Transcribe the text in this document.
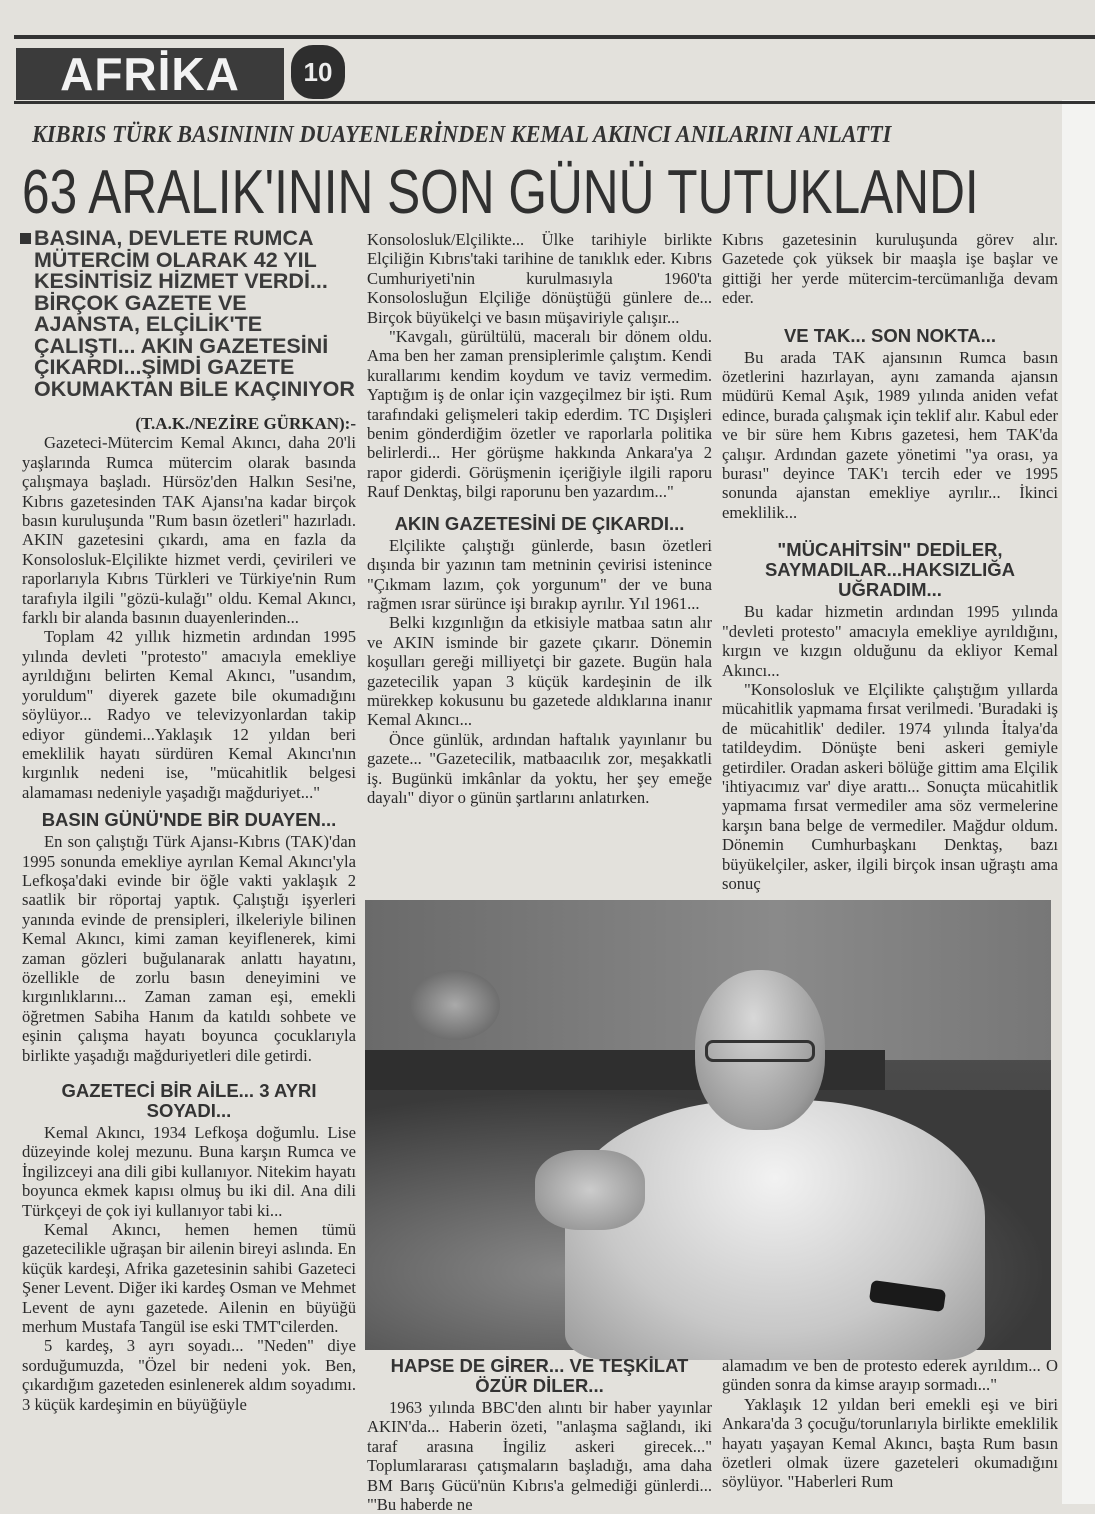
AFRİKA	10
KIBRIS TÜRK BASINININ DUAYENLERİNDEN KEMAL AKINCI ANILARINI ANLATTI
63 ARALIK'ININ SON GÜNÜ TUTUKLANDI
BASINA, DEVLETE RUMCA MÜTERCİM OLARAK 42 YIL KESİNTİSİZ HİZMET VERDİ... BİRÇOK GAZETE VE AJANSTA, ELÇİLİK'TE ÇALIŞTI... AKIN GAZETESİNİ ÇIKARDI...ŞİMDİ GAZETE OKUMAKTAN BİLE KAÇINIYOR
(T.A.K./NEZİRE GÜRKAN):-

Gazeteci-Mütercim Kemal Akıncı, daha 20'li yaşlarında Rumca mütercim olarak basında çalışmaya başladı. Hürsöz'den Halkın Sesi'ne, Kıbrıs gazetesinden TAK Ajansı'na kadar birçok basın kuruluşunda "Rum basın özetleri" hazırladı. AKIN gazetesini çıkardı, ama en fazla da Konsolosluk-Elçilikte hizmet verdi, çevirileri ve raporlarıyla Kıbrıs Türkleri ve Türkiye'nin Rum tarafıyla ilgili "gözü-kulağı" oldu. Kemal Akıncı, farklı bir alanda basının duayenlerinden...

Toplam 42 yıllık hizmetin ardından 1995 yılında devleti "protesto" amacıyla emekliye ayrıldığını belirten Kemal Akıncı, "usandım, yoruldum" diyerek gazete bile okumadığını söylüyor... Radyo ve televizyonlardan takip ediyor gündemi...Yaklaşık 12 yıldan beri emeklilik hayatı sürdüren Kemal Akıncı'nın kırgınlık nedeni ise, "mücahitlik belgesi alamaması nedeniyle yaşadığı mağduriyet..."

BASIN GÜNÜ'NDE BİR DUAYEN...

En son çalıştığı Türk Ajansı-Kıbrıs (TAK)'dan 1995 sonunda emekliye ayrılan Kemal Akıncı'yla Lefkoşa'daki evinde bir öğle vakti yaklaşık 2 saatlik bir röportaj yaptık. Çalıştığı işyerleri yanında evinde de prensipleri, ilkeleriyle bilinen Kemal Akıncı, kimi zaman keyiflenerek, kimi zaman gözleri buğulanarak anlattı hayatını, özellikle de zorlu basın deneyimini ve kırgınlıklarını... Zaman zaman eşi, emekli öğretmen Sabiha Hanım da katıldı sohbete ve eşinin çalışma hayatı boyunca çocuklarıyla birlikte yaşadığı mağduriyetleri dile getirdi.

GAZETECİ BİR AİLE... 3 AYRI SOYADI...

Kemal Akıncı, 1934 Lefkoşa doğumlu. Lise düzeyinde kolej mezunu. Buna karşın Rumca ve İngilizceyi ana dili gibi kullanıyor. Nitekim hayatı boyunca ekmek kapısı olmuş bu iki dil. Ana dili Türkçeyi de çok iyi kullanıyor tabi ki...

Kemal Akıncı, hemen hemen tümü gazetecilikle uğraşan bir ailenin bireyi aslında. En küçük kardeşi, Afrika gazetesinin sahibi Gazeteci Şener Levent. Diğer iki kardeş Osman ve Mehmet Levent de aynı gazetede. Ailenin en büyüğü merhum Mustafa Tangül ise eski TMT'cilerden.

5 kardeş, 3 ayrı soyadı... "Neden" diye sorduğumuzda, "Özel bir nedeni yok. Ben, çıkardığım gazeteden esinlenerek aldım soyadımı. 3 küçük kardeşimin en büyüğüyle

Konsolosluk/Elçilikte... Ülke tarihiyle birlikte Elçiliğin Kıbrıs'taki tarihine de tanıklık eder. Kıbrıs Cumhuriyeti'nin kurulmasıyla 1960'ta Konsolosluğun Elçiliğe dönüştüğü günlere de... Birçok büyükelçi ve basın müşaviriyle çalışır...

"Kavgalı, gürültülü, maceralı bir dönem oldu. Ama ben her zaman prensiplerimle çalıştım. Kendi kurallarımı kendim koydum ve taviz vermedim. Yaptığım iş de onlar için vazgeçilmez bir işti. Rum tarafındaki gelişmeleri takip ederdim. TC Dışişleri benim gönderdiğim özetler ve raporlarla politika belirlerdi... Her görüşme hakkında Ankara'ya 2 rapor giderdi. Görüşmenin içeriğiyle ilgili raporu Rauf Denktaş, bilgi raporunu ben yazardım..."

AKIN GAZETESİNİ DE ÇIKARDI...

Elçilikte çalıştığı günlerde, basın özetleri dışında bir yazının tam metninin çevirisi istenince "Çıkmam lazım, çok yorgunum" der ve buna rağmen ısrar sürünce işi bırakıp ayrılır. Yıl 1961...

Belki kızgınlığın da etkisiyle matbaa satın alır ve AKIN isminde bir gazete çıkarır. Dönemin koşulları gereği milliyetçi bir gazete. Bugün hala gazetecilik yapan 3 küçük kardeşinin de ilk mürekkep kokusunu bu gazetede aldıklarına inanır Kemal Akıncı...

Önce günlük, ardından haftalık yayınlanır bu gazete... "Gazetecilik, matbaacılık zor, meşakkatli iş. Bugünkü imkânlar da yoktu, her şey emeğe dayalı" diyor o günün şartlarını anlatırken.

Kıbrıs gazetesinin kuruluşunda görev alır. Gazetede çok yüksek bir maaşla işe başlar ve gittiği her yerde mütercim-tercümanlığa devam eder.

VE TAK... SON NOKTA...

Bu arada TAK ajansının Rumca basın özetlerini hazırlayan, aynı zamanda ajansın müdürü Kemal Aşık, 1989 yılında aniden vefat edince, burada çalışmak için teklif alır. Kabul eder ve bir süre hem Kıbrıs gazetesi, hem TAK'da çalışır. Ardından gazete yönetimi "ya orası, ya burası" deyince TAK'ı tercih eder ve 1995 sonunda ajanstan emekliye ayrılır... İkinci emeklilik...

"MÜCAHİTSİN" DEDİLER, SAYMADILAR...HAKSIZLIĞA UĞRADIM...

Bu kadar hizmetin ardından 1995 yılında "devleti protesto" amacıyla emekliye ayrıldığını, kırgın ve kızgın olduğunu da ekliyor Kemal Akıncı...

"Konsolosluk ve Elçilikte çalıştığım yıllarda mücahitlik yapmama fırsat verilmedi. 'Buradaki iş de mücahitlik' dediler. 1974 yılında İtalya'da tatildeydim. Dönüşte beni askeri gemiyle getirdiler. Oradan askeri bölüğe gittim ama Elçilik 'ihtiyacımız var' diye arattı... Sonuçta mücahitlik yapmama fırsat vermediler ama söz vermelerine karşın bana belge de vermediler. Mağdur oldum. Dönemin Cumhurbaşkanı Denktaş, bazı büyükelçiler, asker, ilgili birçok insan uğraştı ama sonuç

HAPSE DE GİRER... VE TEŞKİLAT ÖZÜR DİLER...

1963 yılında BBC'den alıntı bir haber yayınlar AKIN'da... Haberin özeti, "anlaşma sağlandı, iki taraf arasına İngiliz askeri girecek..." Toplumlararası çatışmaların başladığı, ama daha BM Barış Gücü'nün Kıbrıs'a gelmediği günlerdi... "'Bu haberde ne

alamadım ve ben de protesto ederek ayrıldım... O günden sonra da kimse arayıp sormadı..."

Yaklaşık 12 yıldan beri emekli eşi ve biri Ankara'da 3 çocuğu/torunlarıyla birlikte emeklilik hayatı yaşayan Kemal Akıncı, başta Rum basın özetleri olmak üzere gazeteleri okumadığını söylüyor. "Haberleri Rum
